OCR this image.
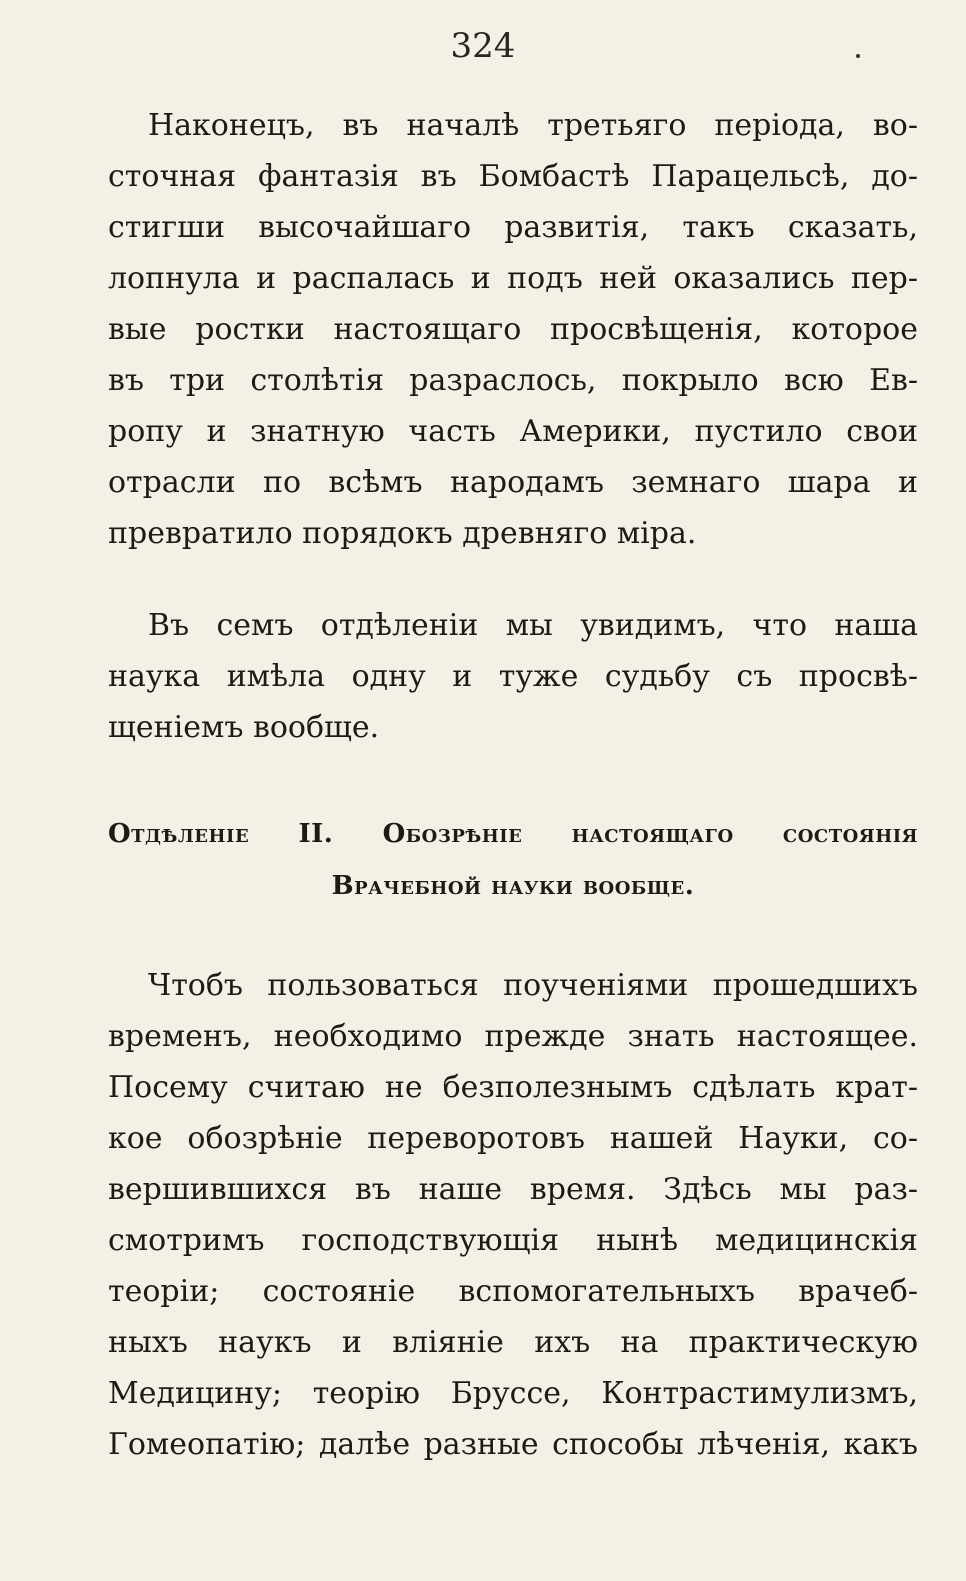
324
Наконецъ, въ началѣ третьяго періода, во-
сточная фантазія въ Бомбастѣ Парацельсѣ, до-
стигши высочайшаго развитія, такъ сказать,
лопнула и распалась и подъ ней оказались пер-
вые ростки настоящаго просвѣщенія, которое
въ три столѣтія разраслось, покрыло всю Ев-
ропу и знатную часть Америки, пустило свои
отрасли по всѣмъ народамъ земнаго шара и
превратило порядокъ древняго міра.
Въ семъ отдѣленіи мы увидимъ, что наша
наука имѣла одну и туже судьбу съ просвѣ-
щеніемъ вообще.
Отдѣленіе II. Обозрѣніе настоящаго состоянія
Врачебной науки вообще.
Чтобъ пользоваться поученіями прошедшихъ
временъ, необходимо прежде знать настоящее.
Посему считаю не безполезнымъ сдѣлать крат-
кое обозрѣніе переворотовъ нашей Науки, со-
вершившихся въ наше время. Здѣсь мы раз-
смотримъ господствующія нынѣ медицинскія
теоріи; состояніе вспомогательныхъ врачеб-
ныхъ наукъ и вліяніе ихъ на практическую
Медицину; теорію Бруссе, Контрастимулизмъ,
Гомеопатію; далѣе разные способы лѣченія, какъ
